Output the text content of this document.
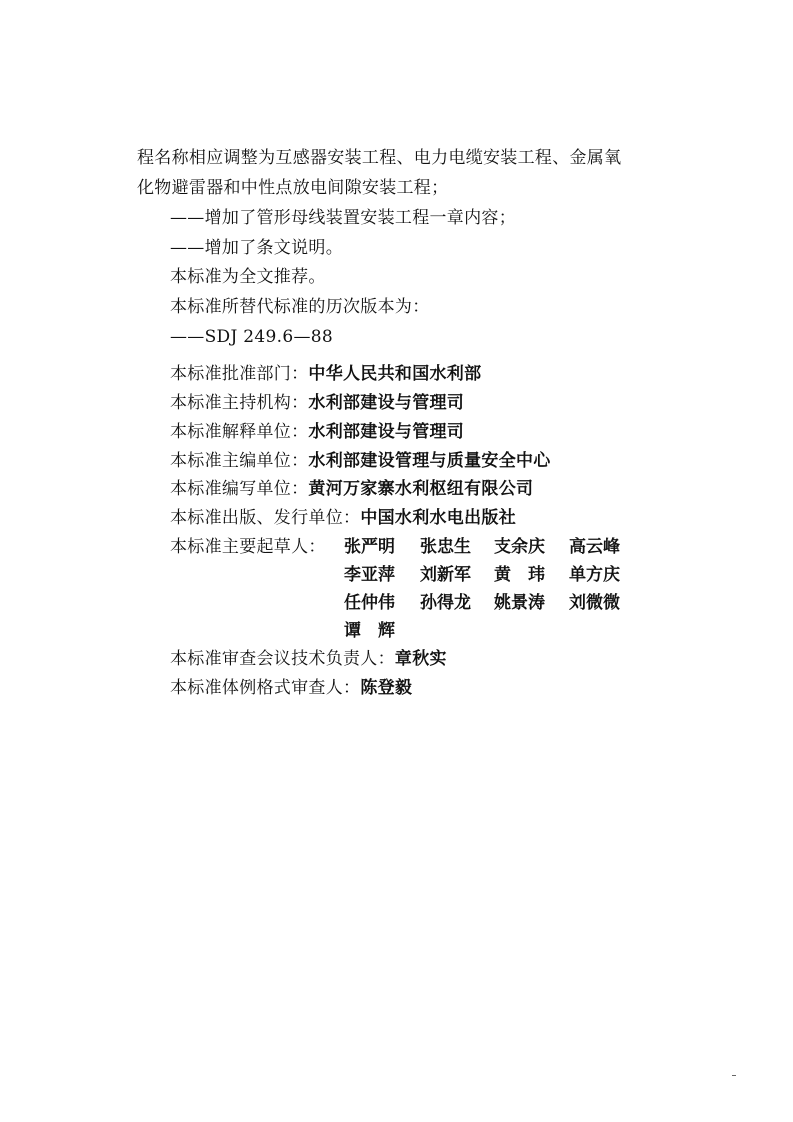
程名称相应调整为互感器安装工程、电力电缆安装工程、金属氧
化物避雷器和中性点放电间隙安装工程；
——增加了管形母线装置安装工程一章内容；
——增加了条文说明。
本标准为全文推荐。
本标准所替代标准的历次版本为：
——SDJ 249.6—88
本标准批准部门：中华人民共和国水利部
本标准主持机构：水利部建设与管理司
本标准解释单位：水利部建设与管理司
本标准主编单位：水利部建设管理与质量安全中心
本标准编写单位：黄河万家寨水利枢纽有限公司
本标准出版、发行单位：中国水利水电出版社
本标准主要起草人： 张严明 张忠生 支余庆 高云峰
李亚萍 刘新军 黄　玮 单方庆
任仲伟 孙得龙 姚景涛 刘微微
谭　辉
本标准审查会议技术负责人：章秋实
本标准体例格式审查人：陈登毅
